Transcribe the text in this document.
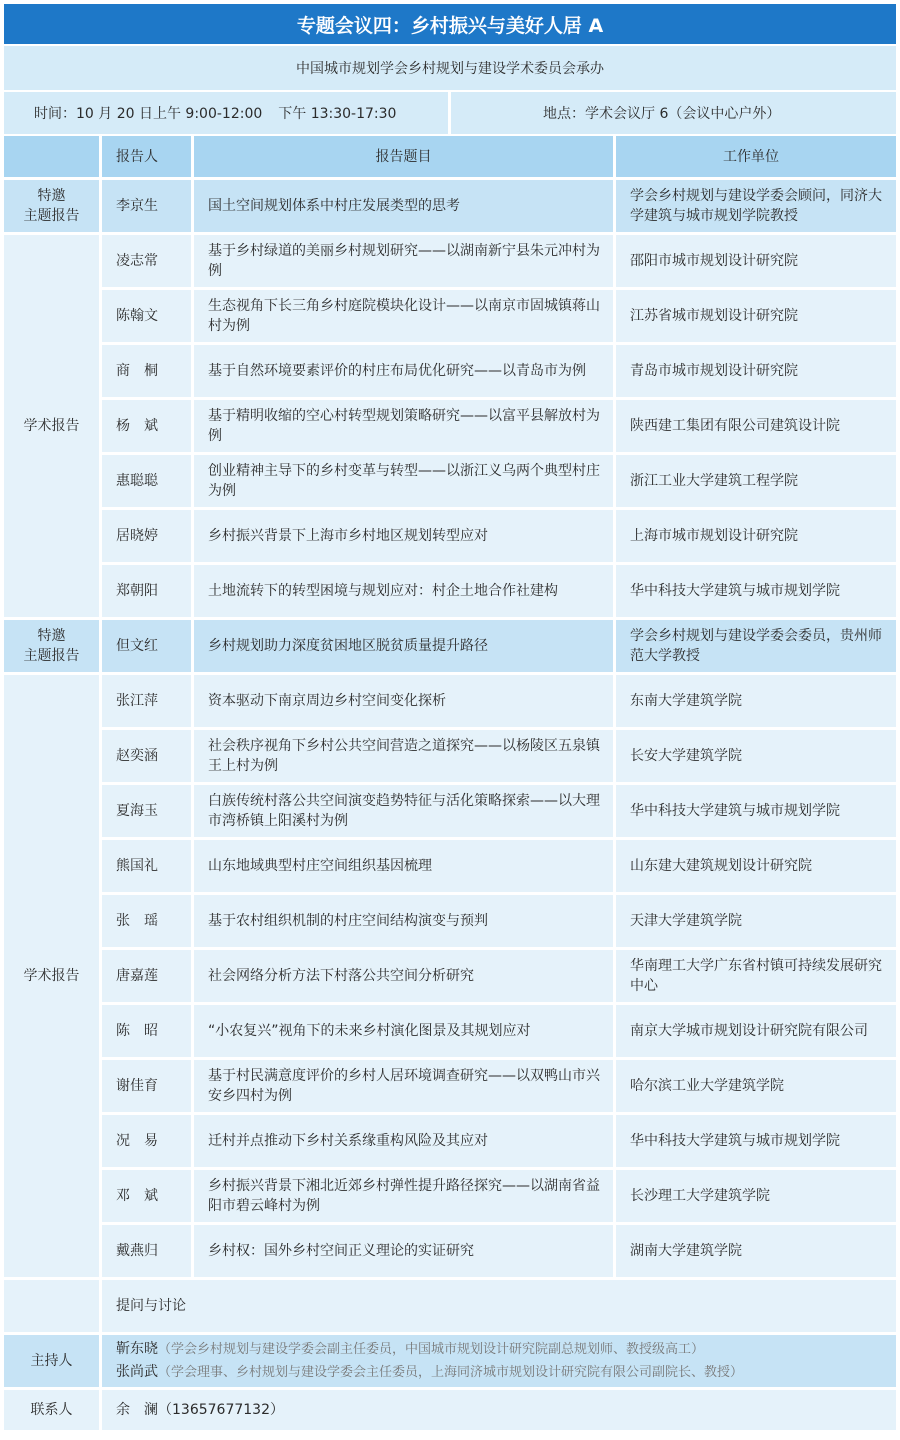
专题会议四：乡村振兴与美好人居 A
中国城市规划学会乡村规划与建设学术委员会承办
时间：10 月 20 日上午 9:00-12:00 下午 13:30-17:30	地点：学术会议厅 6（会议中心户外）
	报告人	报告题目	工作单位

特邀
主题报告	李京生	国土空间规划体系中村庄发展类型的思考	学会乡村规划与建设学委会顾问，同济大学建筑与城市规划学院教授

学术报告	凌志常	基于乡村绿道的美丽乡村规划研究——以湖南新宁县朱元冲村为例	邵阳市城市规划设计研究院
	陈翰文	生态视角下长三角乡村庭院模块化设计——以南京市固城镇蒋山村为例	江苏省城市规划设计研究院
	商　桐	基于自然环境要素评价的村庄布局优化研究——以青岛市为例	青岛市城市规划设计研究院
	杨　斌	基于精明收缩的空心村转型规划策略研究——以富平县解放村为例	陕西建工集团有限公司建筑设计院
	惠聪聪	创业精神主导下的乡村变革与转型——以浙江义乌两个典型村庄为例	浙江工业大学建筑工程学院
	居晓婷	乡村振兴背景下上海市乡村地区规划转型应对	上海市城市规划设计研究院
	郑朝阳	土地流转下的转型困境与规划应对：村企土地合作社建构	华中科技大学建筑与城市规划学院

特邀
主题报告	但文红	乡村规划助力深度贫困地区脱贫质量提升路径	学会乡村规划与建设学委会委员，贵州师范大学教授

学术报告	张江萍	资本驱动下南京周边乡村空间变化探析	东南大学建筑学院
	赵奕涵	社会秩序视角下乡村公共空间营造之道探究——以杨陵区五泉镇王上村为例	长安大学建筑学院
	夏海玉	白族传统村落公共空间演变趋势特征与活化策略探索——以大理市湾桥镇上阳溪村为例	华中科技大学建筑与城市规划学院
	熊国礼	山东地域典型村庄空间组织基因梳理	山东建大建筑规划设计研究院
	张　瑶	基于农村组织机制的村庄空间结构演变与预判	天津大学建筑学院
	唐嘉莲	社会网络分析方法下村落公共空间分析研究	华南理工大学广东省村镇可持续发展研究中心
	陈　昭	“小农复兴”视角下的未来乡村演化图景及其规划应对	南京大学城市规划设计研究院有限公司
	谢佳育	基于村民满意度评价的乡村人居环境调查研究——以双鸭山市兴安乡四村为例	哈尔滨工业大学建筑学院
	况　易	迁村并点推动下乡村关系缘重构风险及其应对	华中科技大学建筑与城市规划学院
	邓　斌	乡村振兴背景下湘北近郊乡村弹性提升路径探究——以湖南省益阳市碧云峰村为例	长沙理工大学建筑学院
	戴燕归	乡村权：国外乡村空间正义理论的实证研究	湖南大学建筑学院
	提问与讨论		
主持人	靳东晓（学会乡村规划与建设学委会副主任委员，中国城市规划设计研究院副总规划师、教授级高工）
张尚武（学会理事、乡村规划与建设学委会主任委员，上海同济城市规划设计研究院有限公司副院长、教授）		

联系人	余　澜（13657677132）		
